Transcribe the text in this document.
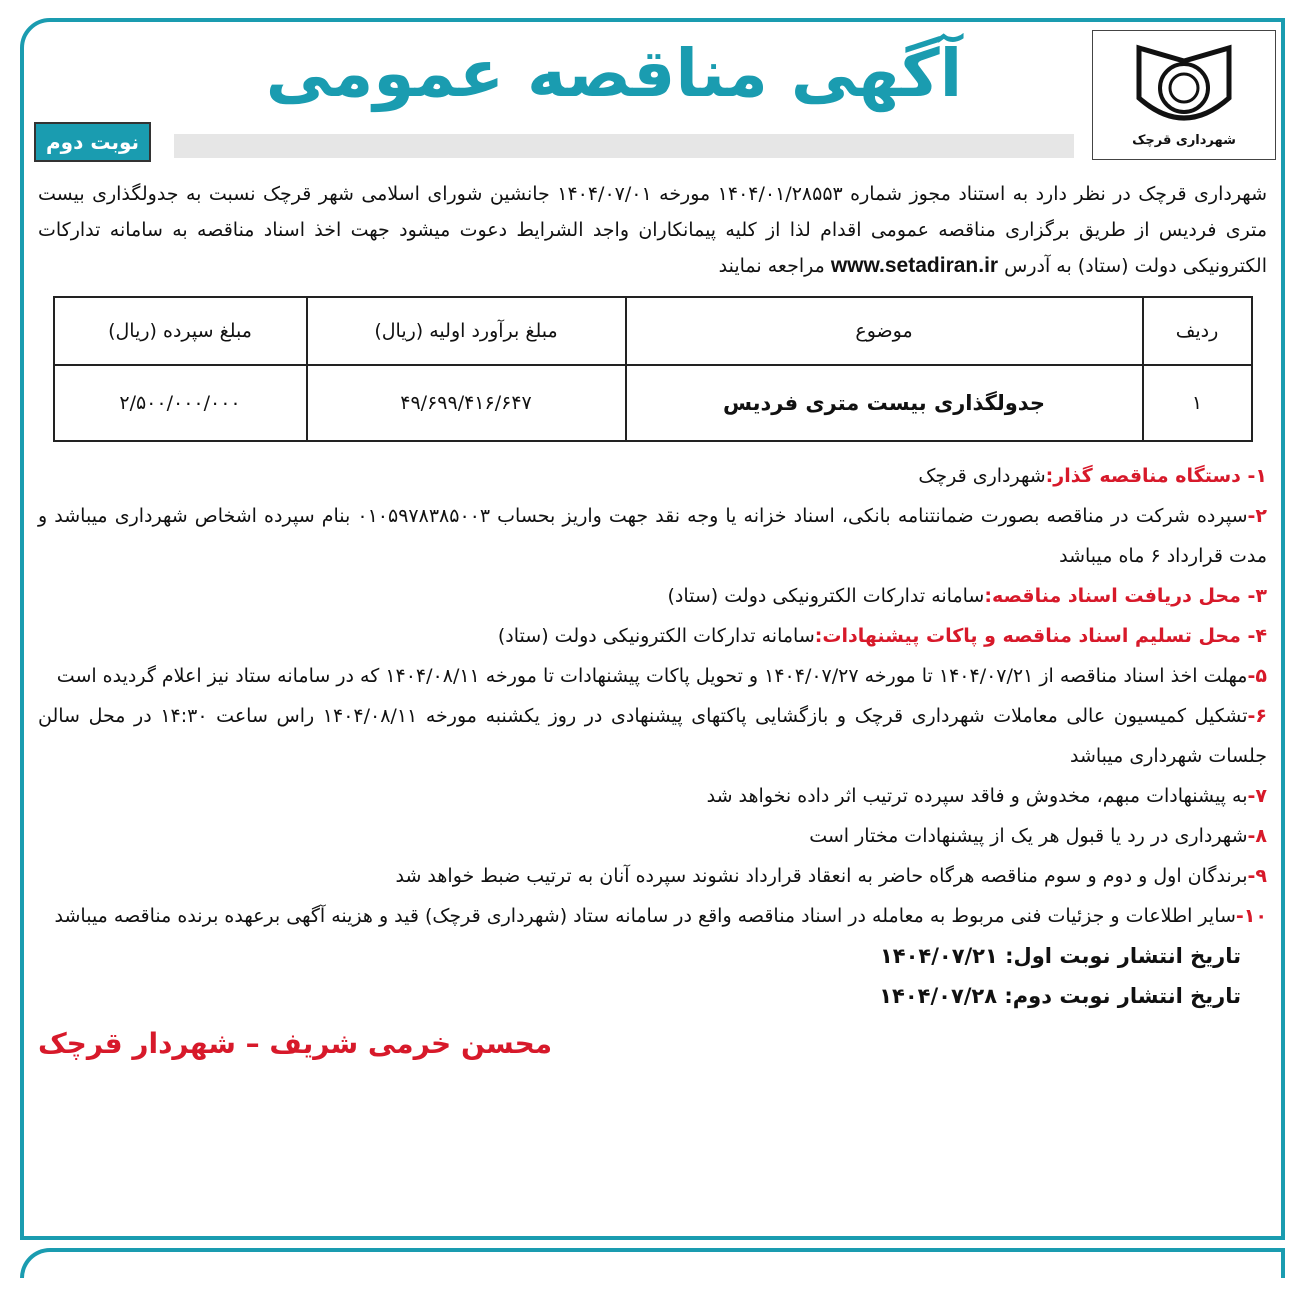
شهرداری قرچک
آگهی مناقصه عمومی
نوبت دوم
شهرداری قرچک در نظر دارد به استناد مجوز شماره ۱۴۰۴/۰۱/۲۸۵۵۳ مورخه ۱۴۰۴/۰۷/۰۱ جانشین شورای اسلامی شهر قرچک نسبت به جدولگذاری بیست متری فردیس از طریق برگزاری مناقصه عمومی اقدام لذا از کلیه پیمانکاران واجد الشرایط دعوت میشود جهت اخذ اسناد مناقصه به سامانه تدارکات الکترونیکی دولت (ستاد) به آدرس www.setadiran.ir مراجعه نمایند
ردیف	موضوع	مبلغ برآورد اولیه (ریال)	مبلغ سپرده (ریال)
۱	جدولگذاری بیست متری فردیس	۴۹/۶۹۹/۴۱۶/۶۴۷	۲/۵۰۰/۰۰۰/۰۰۰
۱- دستگاه مناقصه گذار:شهرداری قرچک
۲-سپرده شرکت در مناقصه بصورت ضمانتنامه بانکی، اسناد خزانه یا وجه نقد جهت واریز بحساب ۰۱۰۵۹۷۸۳۸۵۰۰۳ بنام سپرده اشخاص شهرداری میباشد و مدت قرارداد ۶ ماه میباشد
۳- محل دریافت اسناد مناقصه:سامانه تدارکات الکترونیکی دولت (ستاد)
۴- محل تسلیم اسناد مناقصه و پاکات پیشنهادات:سامانه تدارکات الکترونیکی دولت (ستاد)
۵-مهلت اخذ اسناد مناقصه از ۱۴۰۴/۰۷/۲۱ تا مورخه ۱۴۰۴/۰۷/۲۷ و تحویل پاکات پیشنهادات تا مورخه ۱۴۰۴/۰۸/۱۱ که در سامانه ستاد نیز اعلام گردیده است
۶-تشکیل کمیسیون عالی معاملات شهرداری قرچک و بازگشایی پاکتهای پیشنهادی در روز یکشنبه مورخه ۱۴۰۴/۰۸/۱۱ راس ساعت ۱۴:۳۰ در محل سالن جلسات شهرداری میباشد
۷-به پیشنهادات مبهم، مخدوش و فاقد سپرده ترتیب اثر داده نخواهد شد
۸-شهرداری در رد یا قبول هر یک از پیشنهادات مختار است
۹-برندگان اول و دوم و سوم مناقصه هرگاه حاضر به انعقاد قرارداد نشوند سپرده آنان به ترتیب ضبط خواهد شد
۱۰-سایر اطلاعات و جزئیات فنی مربوط به معامله در اسناد مناقصه واقع در سامانه ستاد (شهرداری قرچک) قید و هزینه آگهی برعهده برنده مناقصه میباشد
تاریخ انتشار نوبت اول: ۱۴۰۴/۰۷/۲۱
تاریخ انتشار نوبت دوم: ۱۴۰۴/۰۷/۲۸
محسن خرمی شریف – شهردار قرچک
